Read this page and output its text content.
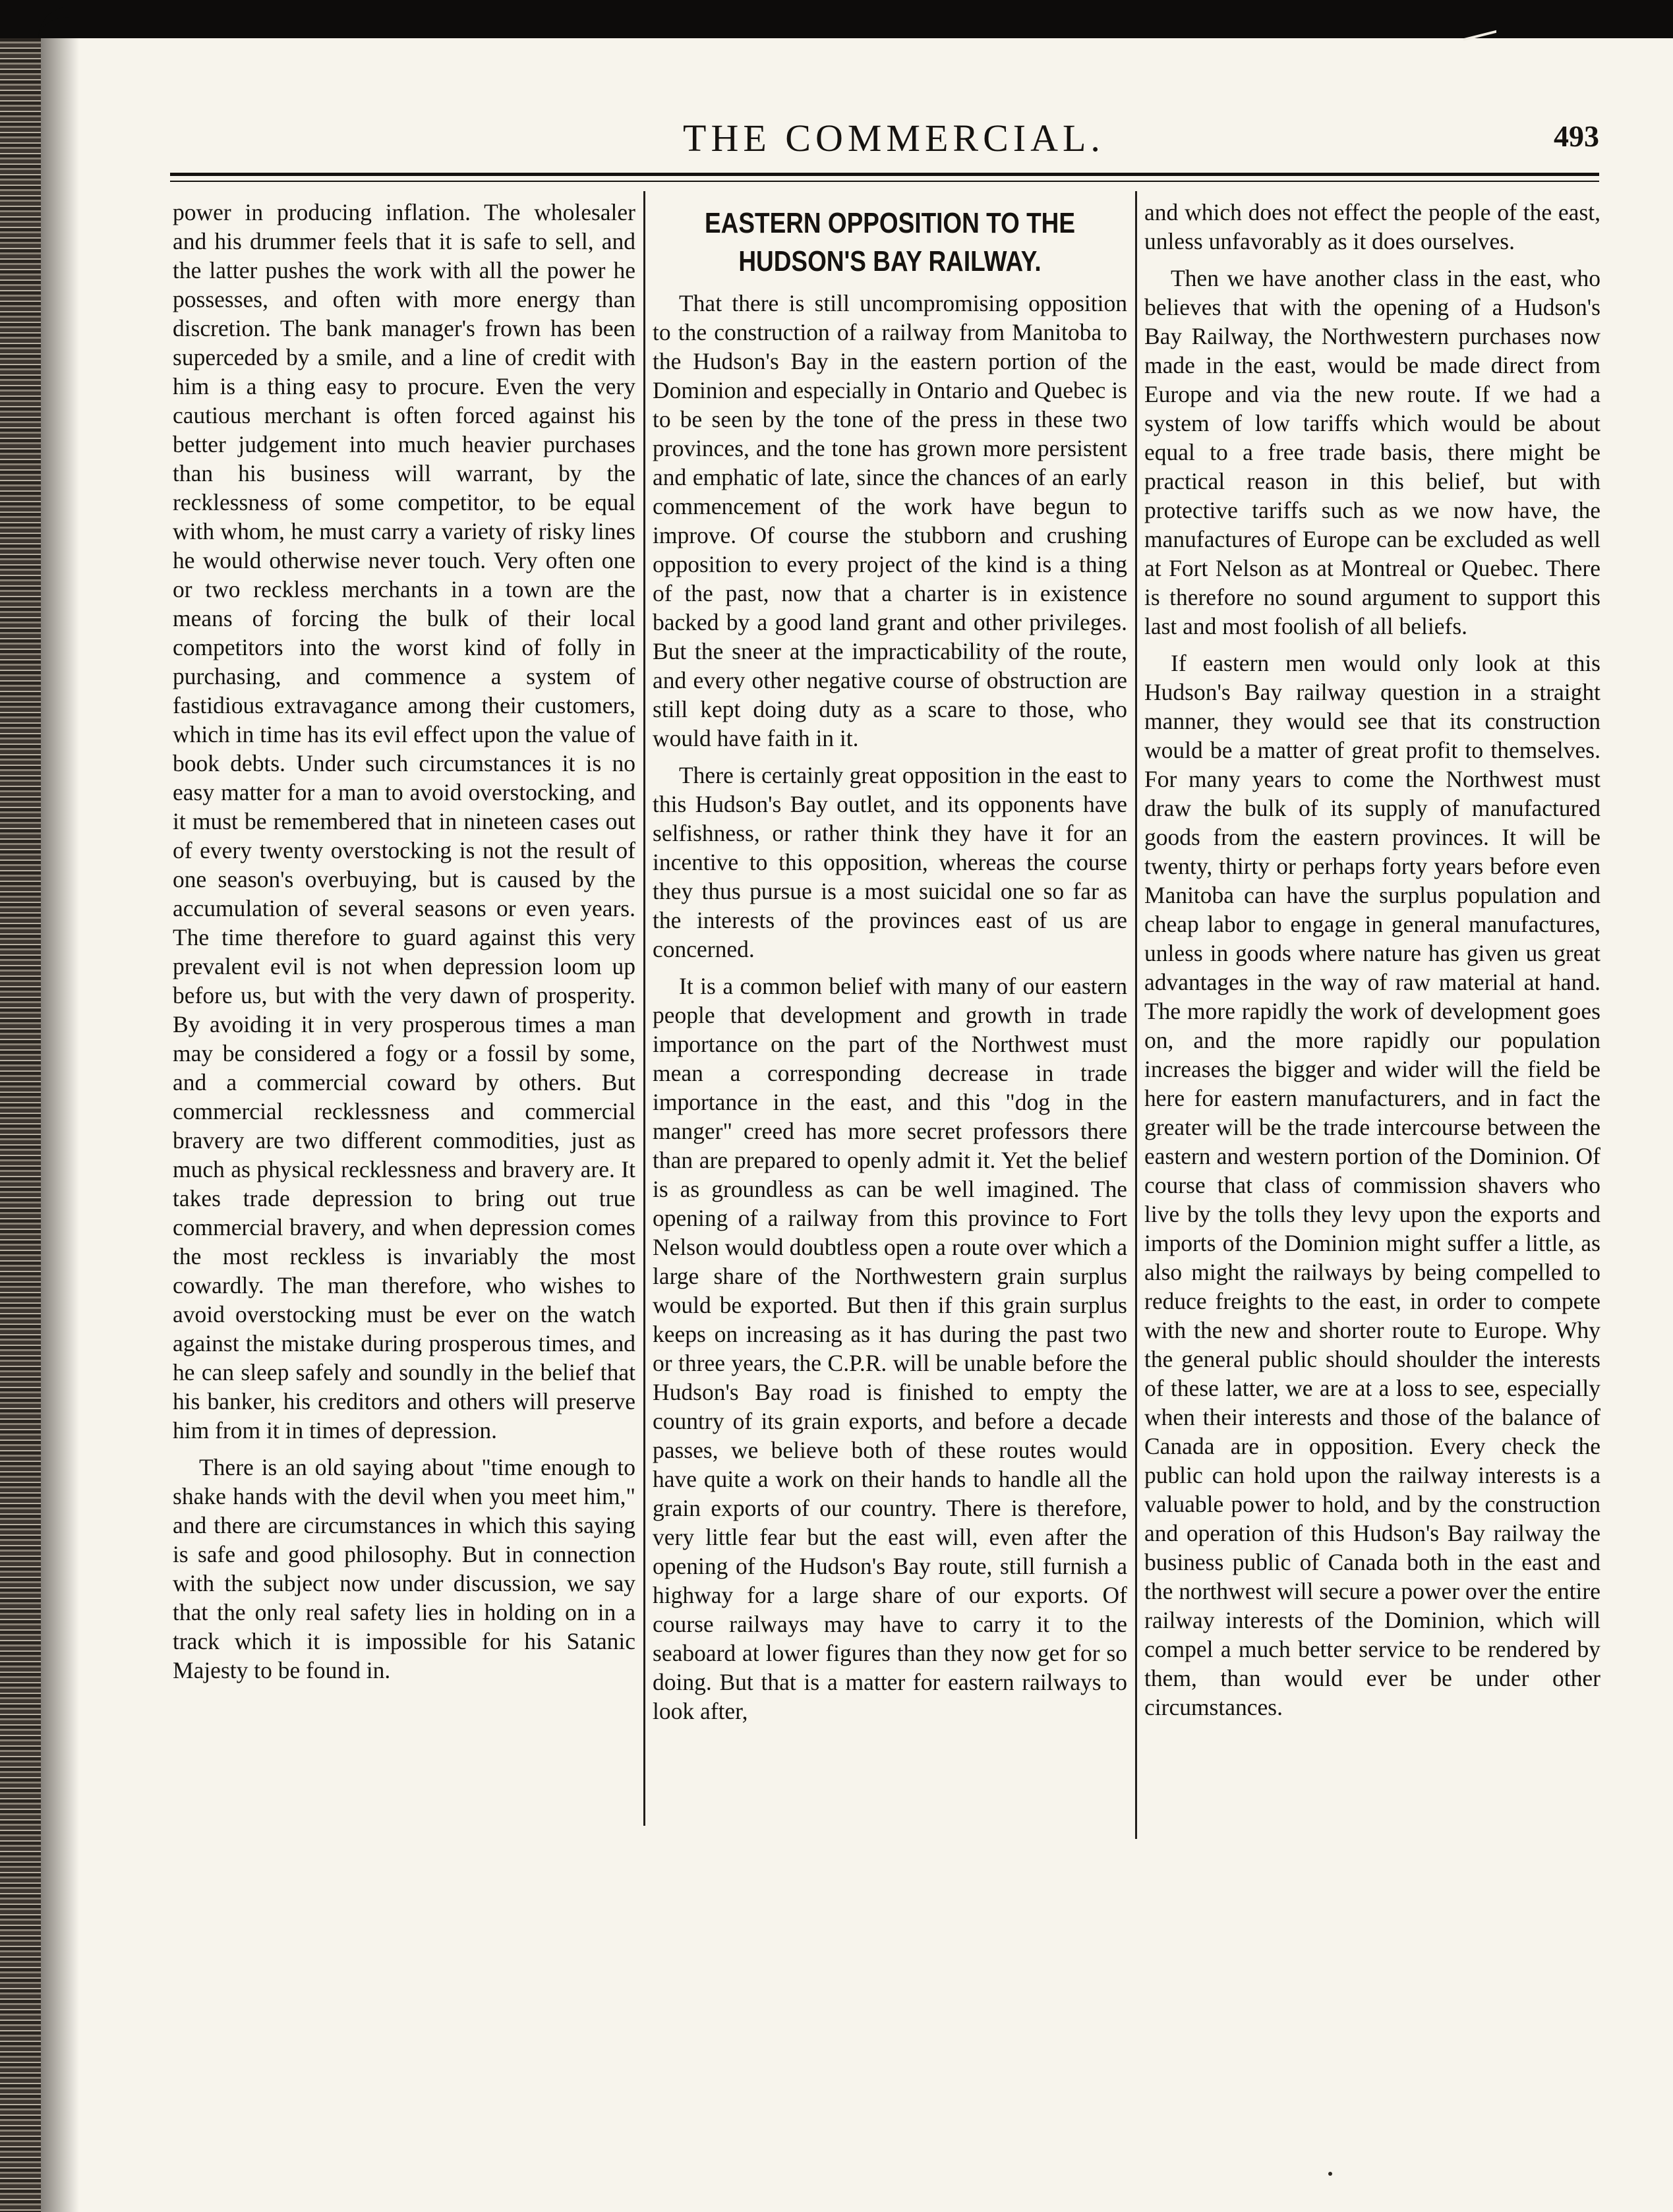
THE COMMERCIAL.	493

power in producing inflation. The wholesaler and his drummer feels that it is safe to sell, and the latter pushes the work with all the power he possesses, and often with more energy than discretion. The bank manager's frown has been superceded by a smile, and a line of credit with him is a thing easy to procure. Even the very cautious merchant is often forced against his better judgement into much heavier purchases than his business will warrant, by the recklessness of some competitor, to be equal with whom, he must carry a variety of risky lines he would otherwise never touch. Very often one or two reckless merchants in a town are the means of forcing the bulk of their local competitors into the worst kind of folly in purchasing, and commence a system of fastidious extravagance among their customers, which in time has its evil effect upon the value of book debts. Under such circumstances it is no easy matter for a man to avoid overstocking, and it must be remembered that in nineteen cases out of every twenty overstocking is not the result of one season's overbuying, but is caused by the accumulation of several seasons or even years. The time therefore to guard against this very prevalent evil is not when depression loom up before us, but with the very dawn of prosperity. By avoiding it in very prosperous times a man may be considered a fogy or a fossil by some, and a commercial coward by others. But commercial recklessness and commercial bravery are two different commodities, just as much as physical recklessness and bravery are. It takes trade depression to bring out true commercial bravery, and when depression comes the most reckless is invariably the most cowardly. The man therefore, who wishes to avoid overstocking must be ever on the watch against the mistake during prosperous times, and he can sleep safely and soundly in the belief that his banker, his creditors and others will preserve him from it in times of depression.

There is an old saying about "time enough to shake hands with the devil when you meet him," and there are circumstances in which this saying is safe and good philosophy. But in connection with the subject now under discussion, we say that the only real safety lies in holding on in a track which it is impossible for his Satanic Majesty to be found in.

EASTERN OPPOSITION TO THE HUDSON'S BAY RAILWAY.

That there is still uncompromising opposition to the construction of a railway from Manitoba to the Hudson's Bay in the eastern portion of the Dominion and especially in Ontario and Quebec is to be seen by the tone of the press in these two provinces, and the tone has grown more persistent and emphatic of late, since the chances of an early commencement of the work have begun to improve. Of course the stubborn and crushing opposition to every project of the kind is a thing of the past, now that a charter is in existence backed by a good land grant and other privileges. But the sneer at the impracticability of the route, and every other negative course of obstruction are still kept doing duty as a scare to those, who would have faith in it.

There is certainly great opposition in the east to this Hudson's Bay outlet, and its opponents have selfishness, or rather think they have it for an incentive to this opposition, whereas the course they thus pursue is a most suicidal one so far as the interests of the provinces east of us are concerned.

It is a common belief with many of our eastern people that development and growth in trade importance on the part of the Northwest must mean a corresponding decrease in trade importance in the east, and this "dog in the manger" creed has more secret professors there than are prepared to openly admit it. Yet the belief is as groundless as can be well imagined. The opening of a railway from this province to Fort Nelson would doubtless open a route over which a large share of the Northwestern grain surplus would be exported. But then if this grain surplus keeps on increasing as it has during the past two or three years, the C.P.R. will be unable before the Hudson's Bay road is finished to empty the country of its grain exports, and before a decade passes, we believe both of these routes would have quite a work on their hands to handle all the grain exports of our country. There is therefore, very little fear but the east will, even after the opening of the Hudson's Bay route, still furnish a highway for a large share of our exports. Of course railways may have to carry it to the seaboard at lower figures than they now get for so doing. But that is a matter for eastern railways to look after,

and which does not effect the people of the east, unless unfavorably as it does ourselves.

Then we have another class in the east, who believes that with the opening of a Hudson's Bay Railway, the Northwestern purchases now made in the east, would be made direct from Europe and via the new route. If we had a system of low tariffs which would be about equal to a free trade basis, there might be practical reason in this belief, but with protective tariffs such as we now have, the manufactures of Europe can be excluded as well at Fort Nelson as at Montreal or Quebec. There is therefore no sound argument to support this last and most foolish of all beliefs.

If eastern men would only look at this Hudson's Bay railway question in a straight manner, they would see that its construction would be a matter of great profit to themselves. For many years to come the Northwest must draw the bulk of its supply of manufactured goods from the eastern provinces. It will be twenty, thirty or perhaps forty years before even Manitoba can have the surplus population and cheap labor to engage in general manufactures, unless in goods where nature has given us great advantages in the way of raw material at hand. The more rapidly the work of development goes on, and the more rapidly our population increases the bigger and wider will the field be here for eastern manufacturers, and in fact the greater will be the trade intercourse between the eastern and western portion of the Dominion. Of course that class of commission shavers who live by the tolls they levy upon the exports and imports of the Dominion might suffer a little, as also might the railways by being compelled to reduce freights to the east, in order to compete with the new and shorter route to Europe. Why the general public should shoulder the interests of these latter, we are at a loss to see, especially when their interests and those of the balance of Canada are in opposition. Every check the public can hold upon the railway interests is a valuable power to hold, and by the construction and operation of this Hudson's Bay railway the business public of Canada both in the east and the northwest will secure a power over the entire railway interests of the Dominion, which will compel a much better service to be rendered by them, than would ever be under other circumstances.
